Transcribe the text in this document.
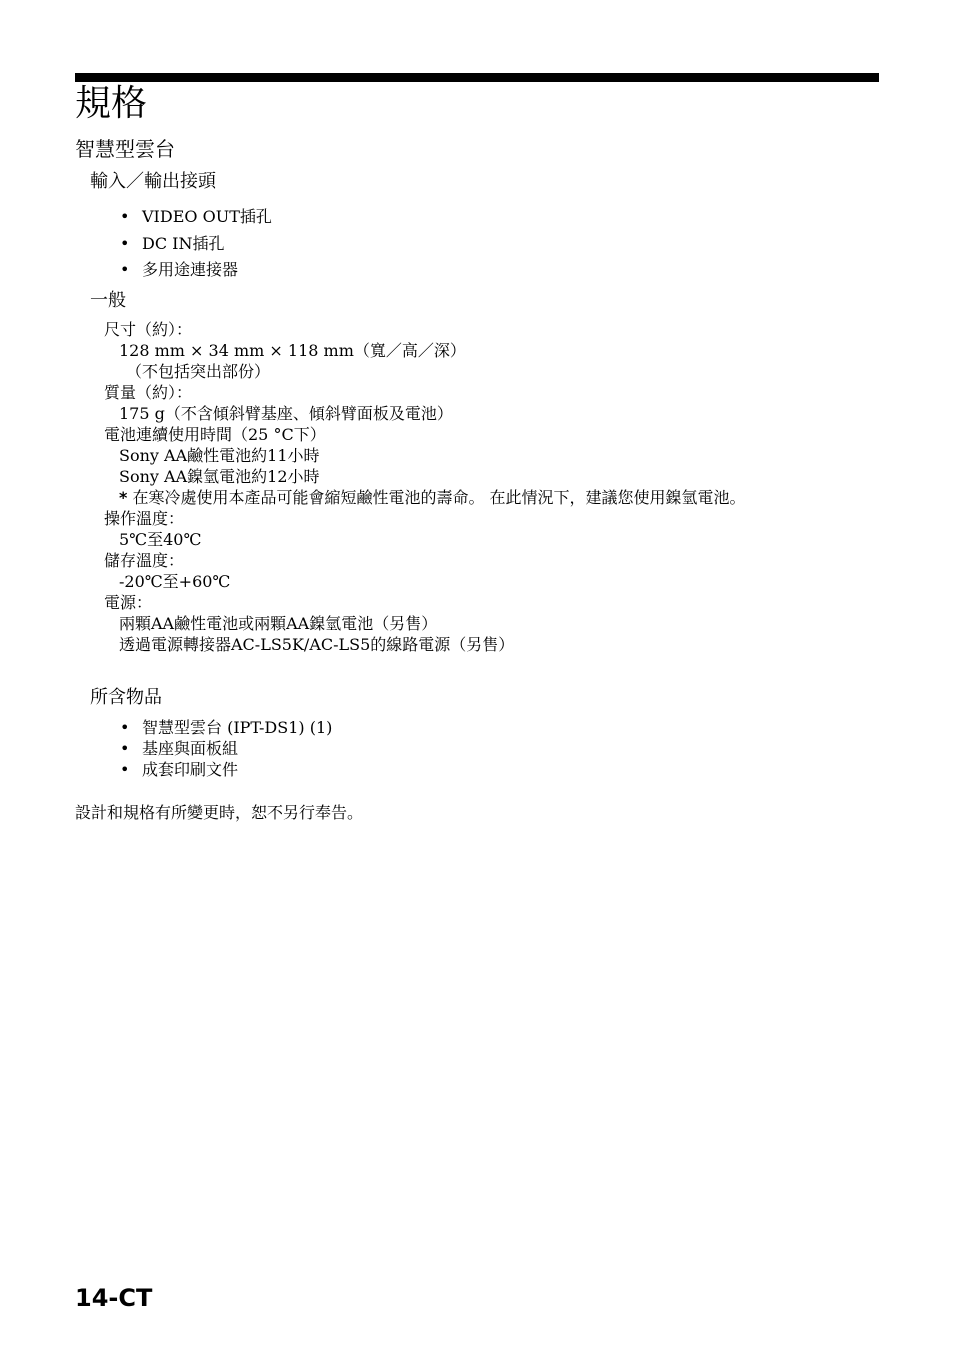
規格
智慧型雲台
輸入／輸出接頭
• VIDEO OUT插孔
• DC IN插孔
• 多用途連接器
一般
尺寸（約）：
128 mm × 34 mm × 118 mm（寬／高／深）
（不包括突出部份）
質量（約）：
175 g（不含傾斜臂基座、傾斜臂面板及電池）
電池連續使用時間（25 °C下）
Sony AA鹼性電池約11小時
Sony AA鎳氫電池約12小時
* 在寒冷處使用本產品可能會縮短鹼性電池的壽命。 在此情況下，建議您使用鎳氫電池。
操作溫度：
5℃至40℃
儲存溫度：
-20℃至+60℃
電源：
兩顆AA鹼性電池或兩顆AA鎳氫電池（另售）
透過電源轉接器AC-LS5K/AC-LS5的線路電源（另售）
所含物品
• 智慧型雲台 (IPT-DS1) (1)
• 基座與面板組
• 成套印刷文件
設計和規格有所變更時，恕不另行奉告。
14-CT
